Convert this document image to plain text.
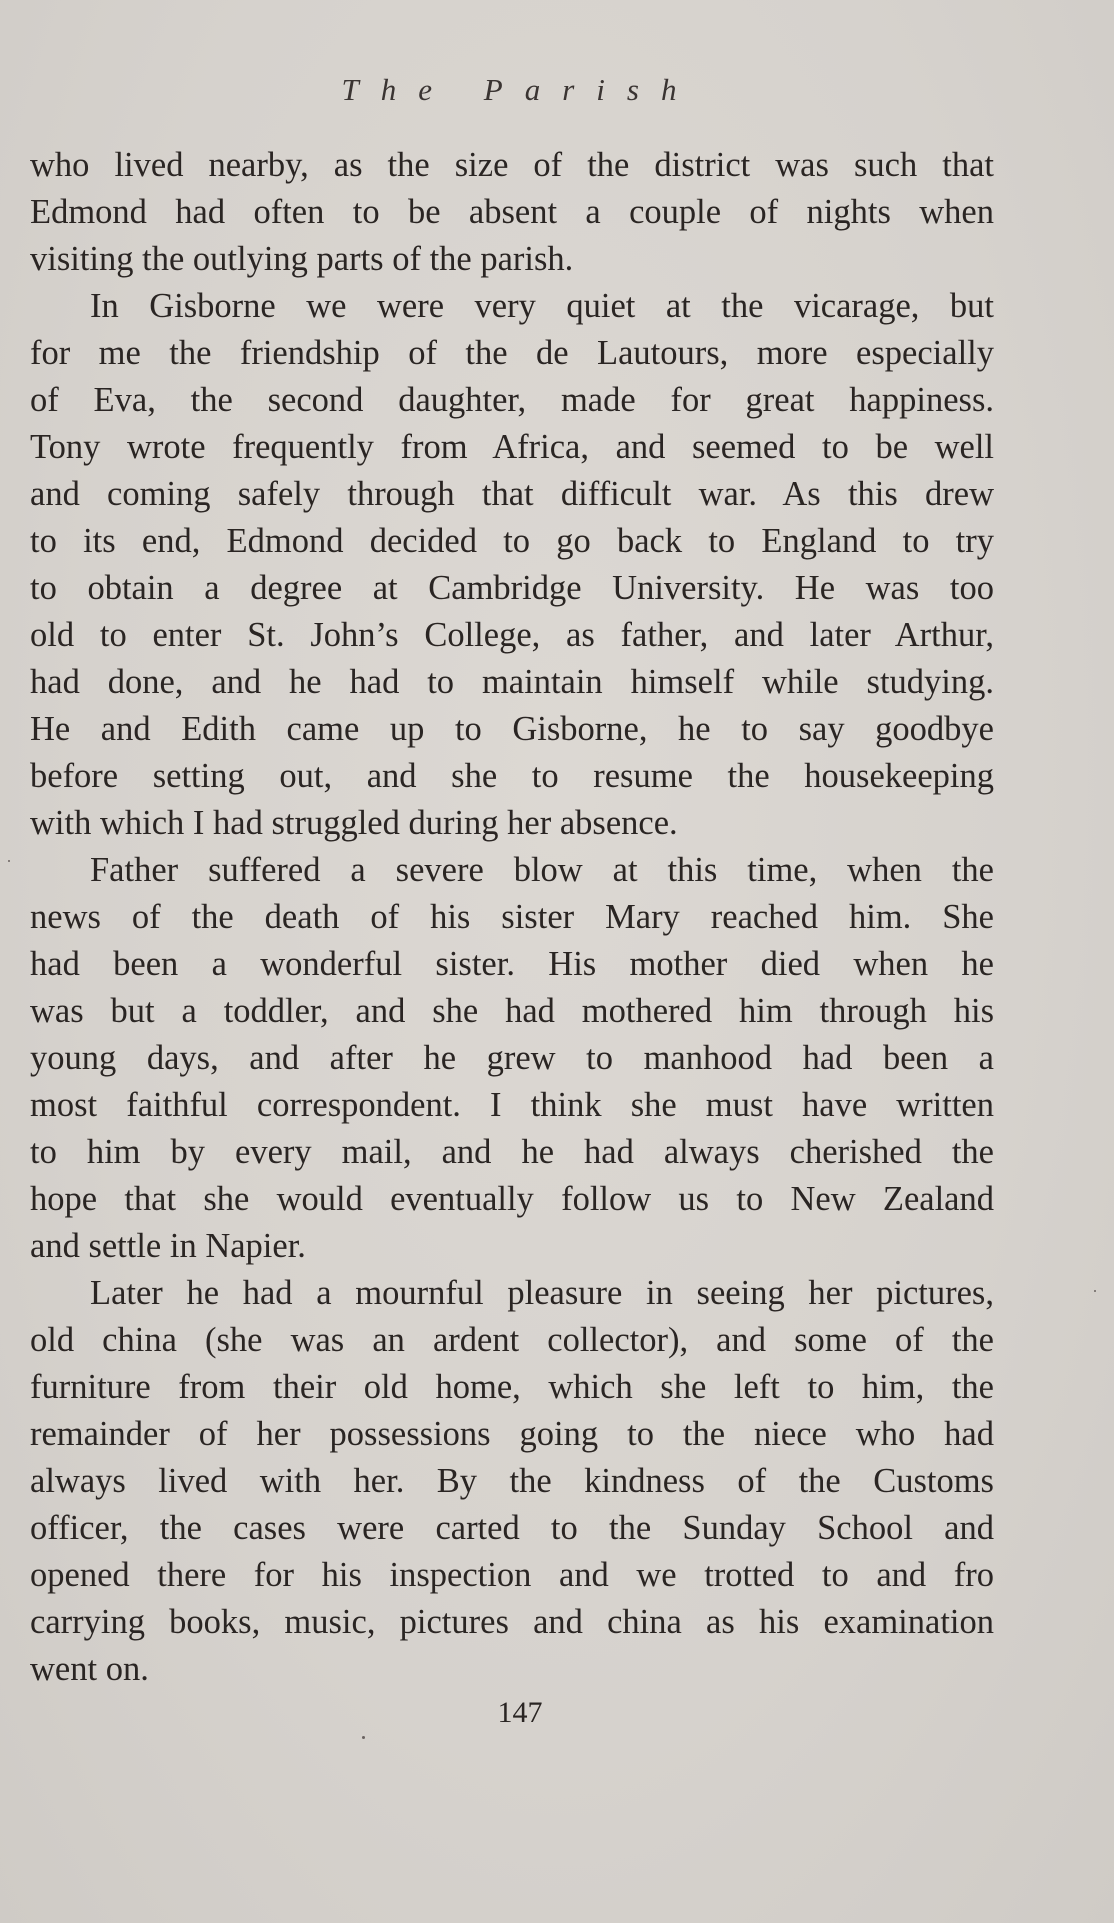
The Parish
who lived nearby, as the size of the district was such that
Edmond had often to be absent a couple of nights when
visiting the outlying parts of the parish.
In Gisborne we were very quiet at the vicarage, but
for me the friendship of the de Lautours, more especially
of Eva, the second daughter, made for great happiness.
Tony wrote frequently from Africa, and seemed to be well
and coming safely through that difficult war. As this drew
to its end, Edmond decided to go back to England to try
to obtain a degree at Cambridge University. He was too
old to enter St. John’s College, as father, and later Arthur,
had done, and he had to maintain himself while studying.
He and Edith came up to Gisborne, he to say goodbye
before setting out, and she to resume the housekeeping
with which I had struggled during her absence.
Father suffered a severe blow at this time, when the
news of the death of his sister Mary reached him. She
had been a wonderful sister. His mother died when he
was but a toddler, and she had mothered him through his
young days, and after he grew to manhood had been a
most faithful correspondent. I think she must have written
to him by every mail, and he had always cherished the
hope that she would eventually follow us to New Zealand
and settle in Napier.
Later he had a mournful pleasure in seeing her pictures,
old china (she was an ardent collector), and some of the
furniture from their old home, which she left to him, the
remainder of her possessions going to the niece who had
always lived with her. By the kindness of the Customs
officer, the cases were carted to the Sunday School and
opened there for his inspection and we trotted to and fro
carrying books, music, pictures and china as his examination
went on.
147
